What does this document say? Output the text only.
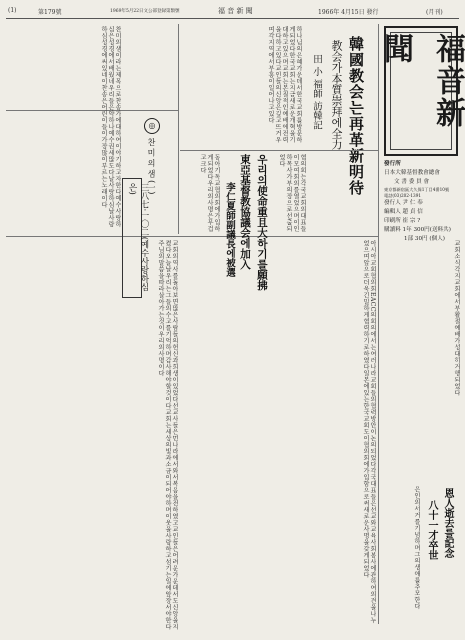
(1)	第179號	1969年5月22日文公部登録第類號	福 音 新 聞	1966年 4月15日 發行	(月刊)
福音新聞
發行所
日本大韓基督教會總會
文 書 委 員 會
東京都新宿區大久保1丁目4番10號
電話(03)202-1391
發行人 尹 仁 奉
編輯人 趙 貞 信
印刷所 崔 宗 ?
購讀料 1年 300円(送料共)
1部 30円 (個人)
韓國教会는再革新明待
教会가本質崇拜에全力
田 小 福師 訪韓記
하나님의은혜가운데서한국교회를방문하게되었다한국교회는지금새로운개혁을기대하고있으며교회는본질적인예배에전력을다하고있다교인들의신앙은깊고뜨거우며각지역에서부흥이일어나고있다
우리의使命重且大하기를願拂
東亞基督教協議会에加入
李仁夏師副議長에被選
동아기독교협의회에가입하게되었다우리의사명은무겁고크다	협의회는각국교회의대표들이모여회의를열었으며이인하목사가부의장으로선출되었다
◎
찬 미 의 샘 (一)
三八七·一〇二(예수사랑하심은)
찬미의샘이라는제목으로찬송가에대하여이야기하고자한다예수사랑하심은성경에서배웠네우리들은약하나예수권세많도다날사랑하심날사랑하심성경에써있네이찬송은어린이들이가장많이부르는노래이다
교회의역사를돌아보면많은사람들의헌신과희생이있었다선교사들은먼나라에서와서복음을전하였고교인들은어려운가운데서도신앙을지켰다오늘날우리는그들의수고를기억하며감사해야할것이다교회는세상의빛과소금이되어야하며이웃을사랑하고섬기는일에앞장서야한다주님의말씀을따라살아가는것이우리의사명이다	아시아교회협의회EACC의회의에서는여러나라교회들의협력방안이논의되었다각국대표들은선교와교육사회봉사에관하여의견을나누었으며앞으로더욱긴밀하게협력하기로하였다일본에있는한국교회도이협의회에가입함으로써새로운사명을갖게되었다	교회소식각지교회에서부활절예배가성대히거행되었다
恩人逝去를記念
八十一才卒世
은인의서거를기념하며그의생애를추모한다
